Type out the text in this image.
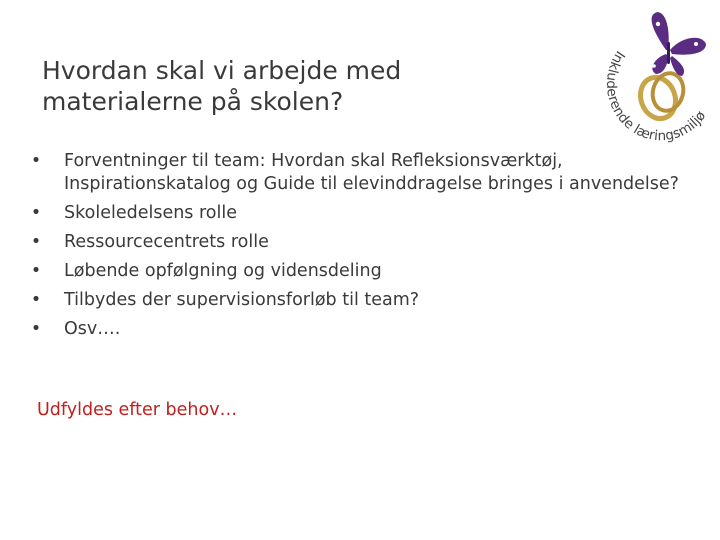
Hvordan skal vi arbejde med
materialerne på skolen?
Inkluderende læringsmiljø
• Forventninger til team: Hvordan skal Refleksionsværktøj, Inspirationskatalog og Guide til elevinddragelse bringes i anvendelse?
• Skoleledelsens rolle
• Ressourcecentrets rolle
• Løbende opfølgning og vidensdeling
• Tilbydes der supervisionsforløb til team?
• Osv….

Udfyldes efter behov…
